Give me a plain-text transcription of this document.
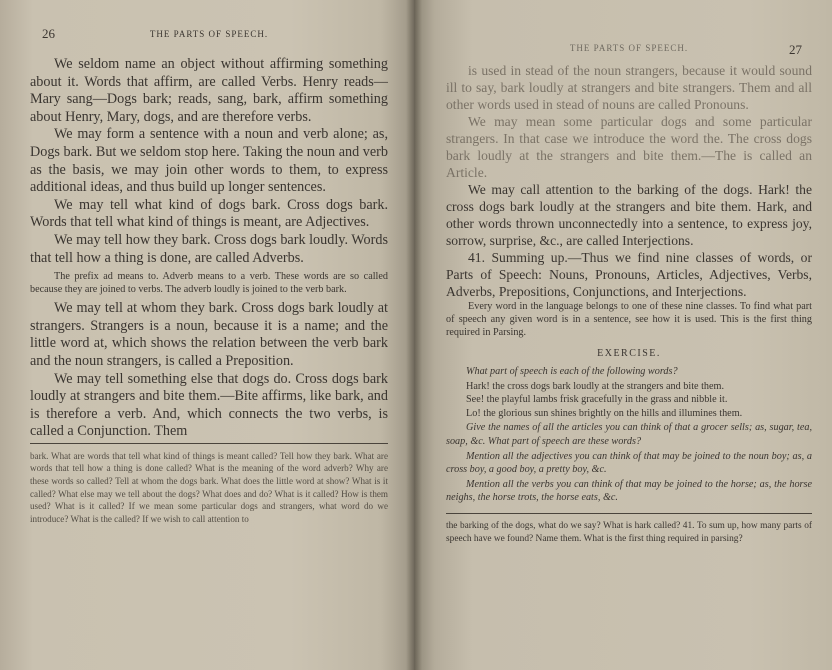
26	THE PARTS OF SPEECH.

We seldom name an object without affirming something about it. Words that affirm, are called Verbs. Henry reads—Mary sang—Dogs bark; reads, sang, bark, affirm something about Henry, Mary, dogs, and are therefore verbs.

We may form a sentence with a noun and verb alone; as, Dogs bark. But we seldom stop here. Taking the noun and verb as the basis, we may join other words to them, to express additional ideas, and thus build up longer sentences.

We may tell what kind of dogs bark. Cross dogs bark. Words that tell what kind of things is meant, are Adjectives.

We may tell how they bark. Cross dogs bark loudly. Words that tell how a thing is done, are called Adverbs.

The prefix ad means to. Adverb means to a verb. These words are so called because they are joined to verbs. The adverb loudly is joined to the verb bark.

We may tell at whom they bark. Cross dogs bark loudly at strangers. Strangers is a noun, because it is a name; and the little word at, which shows the relation between the verb bark and the noun strangers, is called a Preposition.

We may tell something else that dogs do. Cross dogs bark loudly at strangers and bite them.—Bite affirms, like bark, and is therefore a verb. And, which connects the two verbs, is called a Conjunction. Them

bark. What are words that tell what kind of things is meant called? Tell how they bark. What are words that tell how a thing is done called? What is the meaning of the word adverb? Why are these words so called? Tell at whom the dogs bark. What does the little word at show? What is it called? What else may we tell about the dogs? What does and do? What is it called? How is them used? What is it called? If we mean some particular dogs and strangers, what word do we introduce? What is the called? If we wish to call attention to
THE PARTS OF SPEECH.	27

is used in stead of the noun strangers, because it would sound ill to say, bark loudly at strangers and bite strangers. Them and all other words used in stead of nouns are called Pronouns.

We may mean some particular dogs and some particular strangers. In that case we introduce the word the. The cross dogs bark loudly at the strangers and bite them.—The is called an Article.

We may call attention to the barking of the dogs. Hark! the cross dogs bark loudly at the strangers and bite them. Hark, and other words thrown unconnectedly into a sentence, to express joy, sorrow, surprise, &c., are called Interjections.

41. Summing up.—Thus we find nine classes of words, or Parts of Speech: Nouns, Pronouns, Articles, Adjectives, Verbs, Adverbs, Prepositions, Conjunctions, and Interjections.

Every word in the language belongs to one of these nine classes. To find what part of speech any given word is in a sentence, see how it is used. This is the first thing required in Parsing.

EXERCISE.

What part of speech is each of the following words?

Hark! the cross dogs bark loudly at the strangers and bite them.

See! the playful lambs frisk gracefully in the grass and nibble it.

Lo! the glorious sun shines brightly on the hills and illumines them.

Give the names of all the articles you can think of that a grocer sells; as, sugar, tea, soap, &c. What part of speech are these words?

Mention all the adjectives you can think of that may be joined to the noun boy; as, a cross boy, a good boy, a pretty boy, &c.

Mention all the verbs you can think of that may be joined to the horse; as, the horse neighs, the horse trots, the horse eats, &c.

the barking of the dogs, what do we say? What is hark called? 41. To sum up, how many parts of speech have we found? Name them. What is the first thing required in parsing?
